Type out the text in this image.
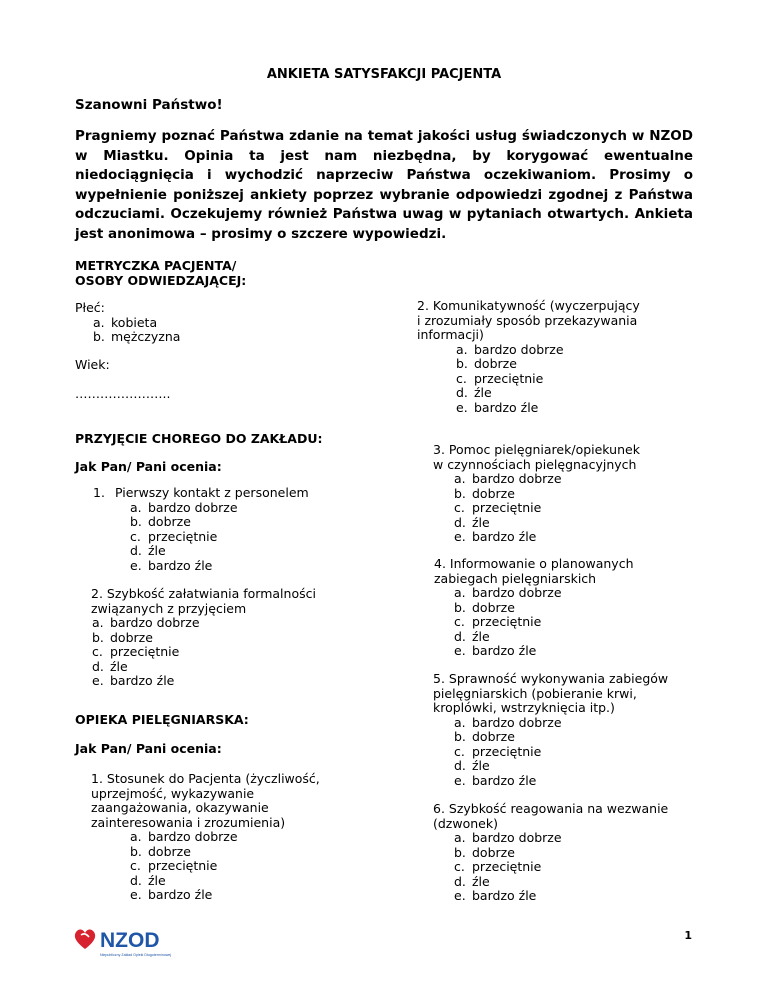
ANKIETA SATYSFAKCJI PACJENTA
Szanowni Państwo!
Pragniemy poznać Państwa zdanie na temat jakości usług świadczonych w NZOD w Miastku. Opinia ta jest nam niezbędna, by korygować ewentualne niedociągnięcia i wychodzić naprzeciw Państwa oczekiwaniom. Prosimy o wypełnienie poniższej ankiety poprzez wybranie odpowiedzi zgodnej z Państwa odczuciami. Oczekujemy również Państwa uwag w pytaniach otwartych. Ankieta jest anonimowa – prosimy o szczere wypowiedzi.
METRYCZKA PACJENTA/
OSOBY ODWIEDZAJĄCEJ:
Płeć:
a. kobieta
b. mężczyzna
Wiek:
…………………..
PRZYJĘCIE CHOREGO DO ZAKŁADU:
Jak Pan/ Pani ocenia:
1. Pierwszy kontakt z personelem
a. bardzo dobrze
b. dobrze
c. przeciętnie
d. źle
e. bardzo źle
2. Szybkość załatwiania formalności
związanych z przyjęciem
a. bardzo dobrze
b. dobrze
c. przeciętnie
d. źle
e. bardzo źle
OPIEKA PIELĘGNIARSKA:
Jak Pan/ Pani ocenia:
1. Stosunek do Pacjenta (życzliwość,
uprzejmość, wykazywanie
zaangażowania, okazywanie
zainteresowania i zrozumienia)
a. bardzo dobrze
b. dobrze
c. przeciętnie
d. źle
e. bardzo źle
2. Komunikatywność (wyczerpujący
i zrozumiały sposób przekazywania
informacji)
a. bardzo dobrze
b. dobrze
c. przeciętnie
d. źle
e. bardzo źle
3. Pomoc pielęgniarek/opiekunek
w czynnościach pielęgnacyjnych
a. bardzo dobrze
b. dobrze
c. przeciętnie
d. źle
e. bardzo źle
4. Informowanie o planowanych
zabiegach pielęgniarskich
a. bardzo dobrze
b. dobrze
c. przeciętnie
d. źle
e. bardzo źle
5. Sprawność wykonywania zabiegów
pielęgniarskich (pobieranie krwi,
kroplówki, wstrzyknięcia itp.)
a. bardzo dobrze
b. dobrze
c. przeciętnie
d. źle
e. bardzo źle
6. Szybkość reagowania na wezwanie
(dzwonek)
a. bardzo dobrze
b. dobrze
c. przeciętnie
d. źle
e. bardzo źle
NZOD
Niepubliczny Zakład Opieki Długoterminowej
1
